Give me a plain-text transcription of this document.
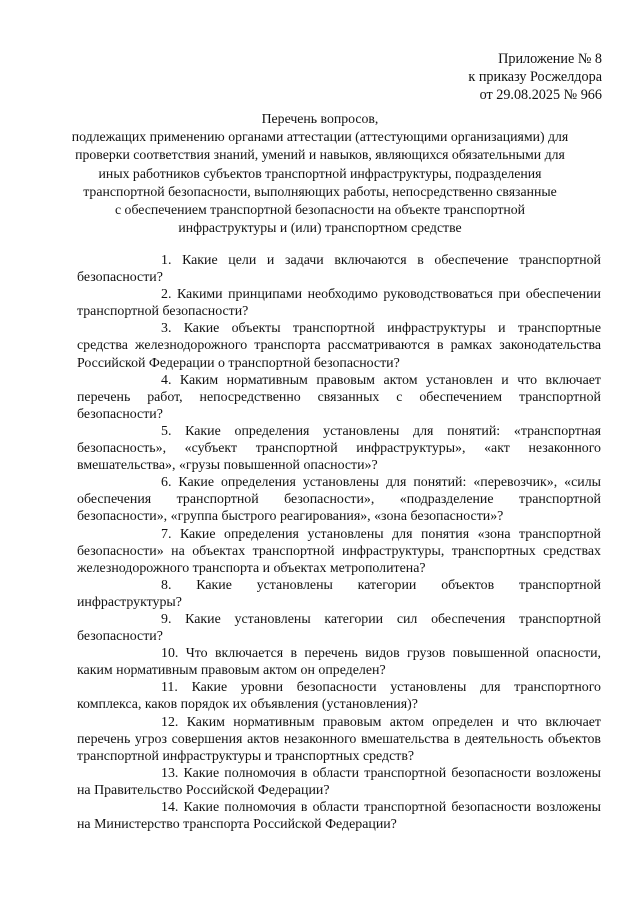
Приложение № 8
к приказу Росжелдора
от 29.08.2025 № 966
Перечень вопросов,
подлежащих применению органами аттестации (аттестующими организациями) для
проверки соответствия знаний, умений и навыков, являющихся обязательными для
иных работников субъектов транспортной инфраструктуры, подразделения
транспортной безопасности, выполняющих работы, непосредственно связанные
с обеспечением транспортной безопасности на объекте транспортной
инфраструктуры и (или) транспортном средстве

1. Какие цели и задачи включаются в обеспечение транспортной безопасности?

2. Какими принципами необходимо руководствоваться при обеспечении транспортной безопасности?

3. Какие объекты транспортной инфраструктуры и транспортные средства железнодорожного транспорта рассматриваются в рамках законодательства Российской Федерации о транспортной безопасности?

4. Каким нормативным правовым актом установлен и что включает перечень работ, непосредственно связанных с обеспечением транспортной безопасности?

5. Какие определения установлены для понятий: «транспортная безопасность», «субъект транспортной инфраструктуры», «акт незаконного вмешательства», «грузы повышенной опасности»?

6. Какие определения установлены для понятий: «перевозчик», «силы обеспечения транспортной безопасности», «подразделение транспортной безопасности», «группа быстрого реагирования», «зона безопасности»?

7. Какие определения установлены для понятия «зона транспортной безопасности» на объектах транспортной инфраструктуры, транспортных средствах железнодорожного транспорта и объектах метрополитена?

8. Какие установлены категории объектов транспортной инфраструктуры?

9. Какие установлены категории сил обеспечения транспортной безопасности?

10. Что включается в перечень видов грузов повышенной опасности, каким нормативным правовым актом он определен?

11. Какие уровни безопасности установлены для транспортного комплекса, каков порядок их объявления (установления)?

12. Каким нормативным правовым актом определен и что включает перечень угроз совершения актов незаконного вмешательства в деятельность объектов транспортной инфраструктуры и транспортных средств?

13. Какие полномочия в области транспортной безопасности возложены на Правительство Российской Федерации?

14. Какие полномочия в области транспортной безопасности возложены на Министерство транспорта Российской Федерации?
